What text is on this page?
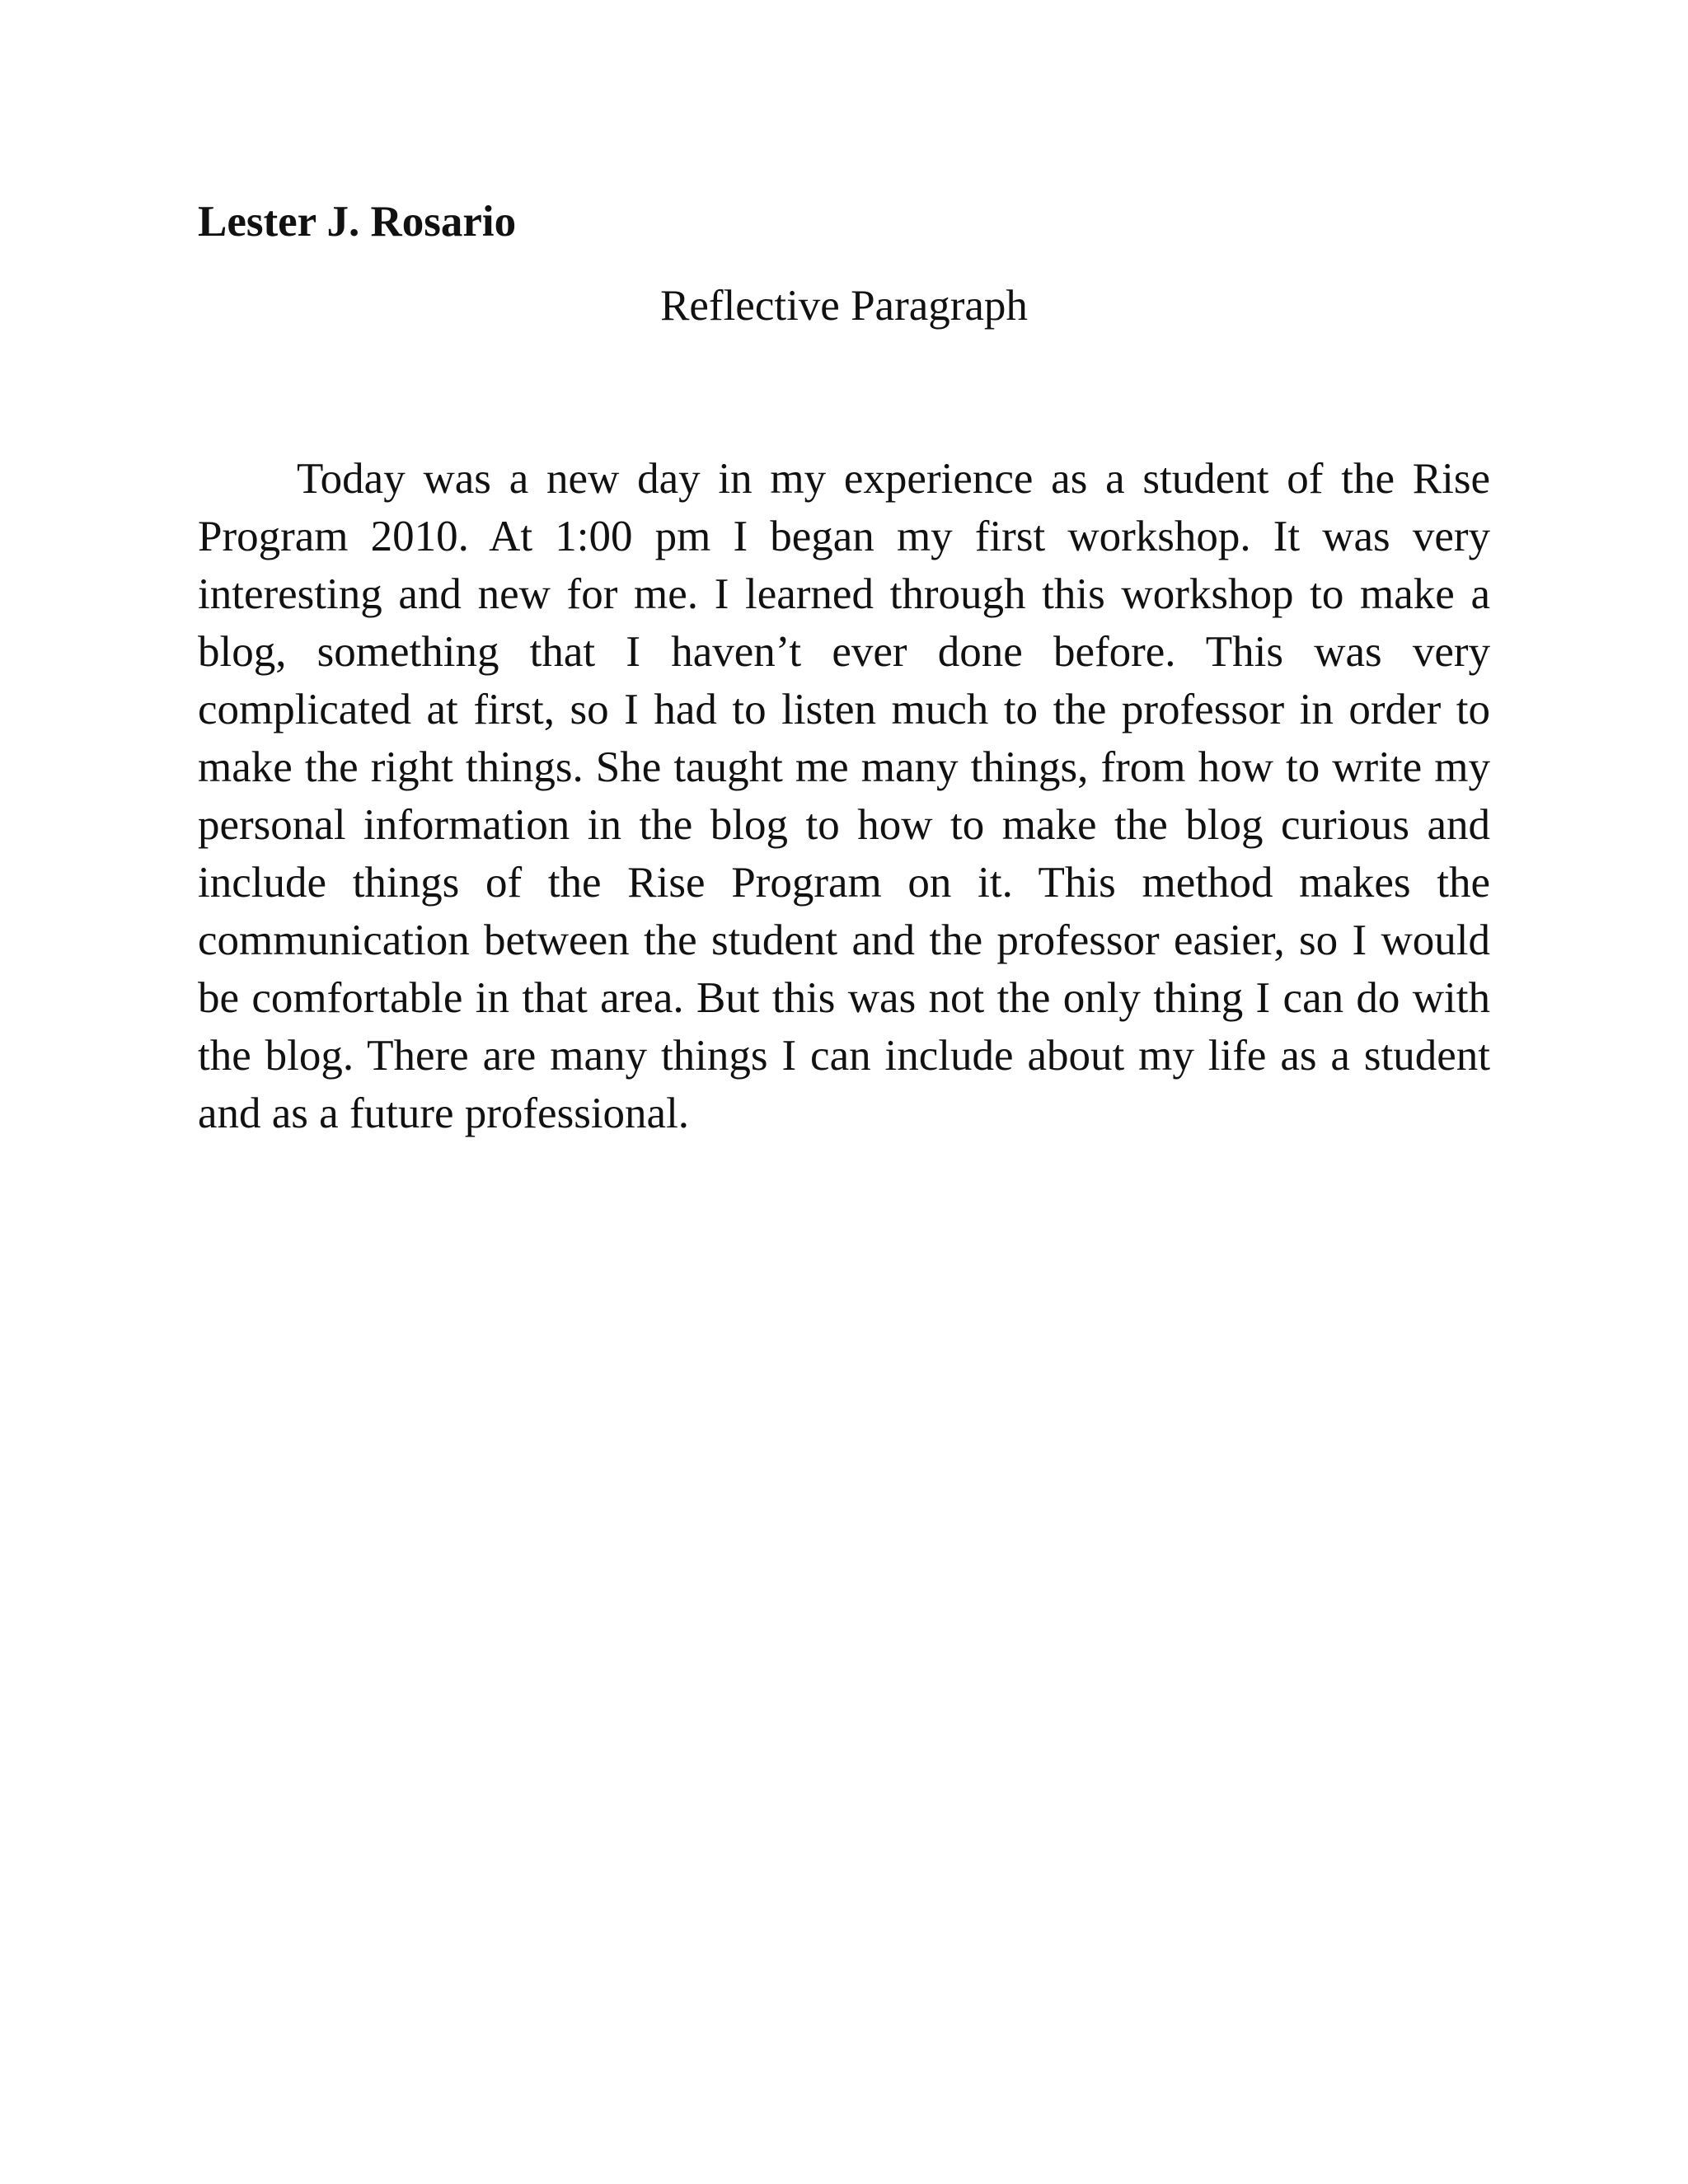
Lester J. Rosario
Reflective Paragraph

Today was a new day in my experience as a student of the Rise Program 2010. At 1:00 pm I began my first workshop. It was very interesting and new for me. I learned through this workshop to make a blog, something that I haven’t ever done before. This was very complicated at first, so I had to listen much to the professor in order to make the right things. She taught me many things, from how to write my personal information in the blog to how to make the blog curious and include things of the Rise Program on it. This method makes the communication between the student and the professor easier, so I would be comfortable in that area. But this was not the only thing I can do with the blog. There are many things I can include about my life as a student and as a future professional.
